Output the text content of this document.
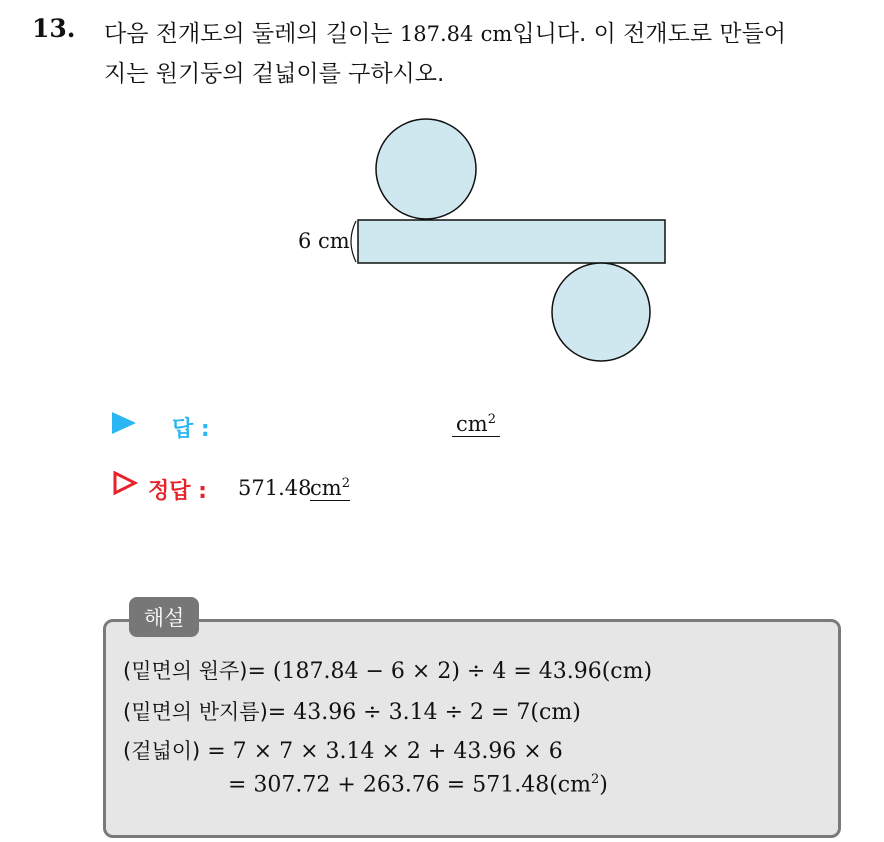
13. 다음 전개도의 둘레의 길이는 187.84 cm입니다. 이 전개도로 만들어
지는 원기둥의 겉넓이를 구하시오.
6 cm
답 :	$cm^2$
정답 : 571.48
$cm^2$
해설
(밑면의 원주)= (187.84 − 6 × 2) ÷ 4 = 43.96(cm)
(밑면의 반지름)= 43.96 ÷ 3.14 ÷ 2 = 7(cm)
(겉넓이) = 7 × 7 × 3.14 × 2 + 43.96 × 6
= $307.72 + 263.76 = 571.48(cm^2)$
